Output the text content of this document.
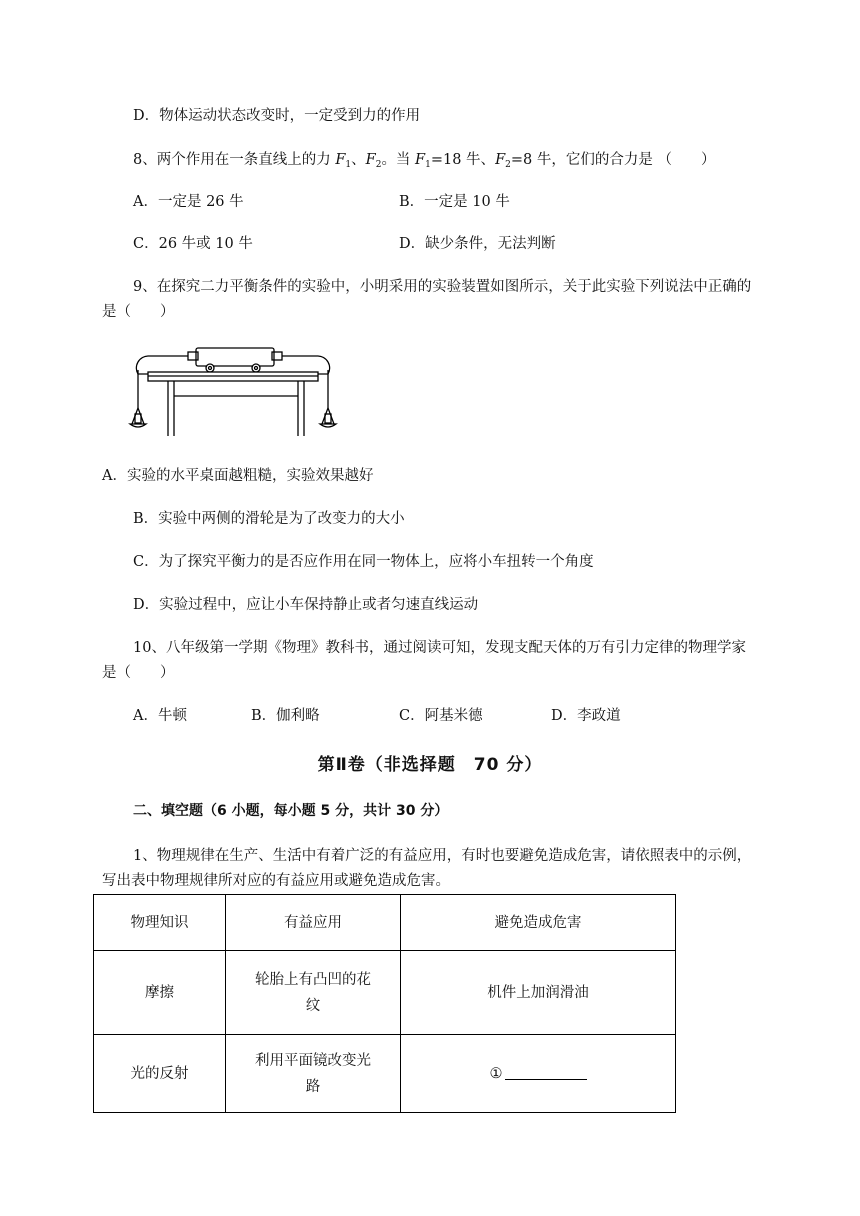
D．物体运动状态改变时，一定受到力的作用
8、两个作用在一条直线上的力 $F_1$、$F_2$。当 $F_1=18$ 牛、$F_2=8$ 牛，它们的合力是 （　　）
A．一定是 26 牛	B．一定是 10 牛
C．26 牛或 10 牛	D．缺少条件，无法判断
9、在探究二力平衡条件的实验中，小明采用的实验装置如图所示，关于此实验下列说法中正确的
是（　　）
A．实验的水平桌面越粗糙，实验效果越好
B．实验中两侧的滑轮是为了改变力的大小
C．为了探究平衡力的是否应作用在同一物体上，应将小车扭转一个角度
D．实验过程中，应让小车保持静止或者匀速直线运动
10、八年级第一学期《物理》教科书，通过阅读可知，发现支配天体的万有引力定律的物理学家
是（　　）
A．牛顿	B．伽利略	C．阿基米德	D．李政道
第Ⅱ卷（非选择题　70 分）
二、填空题（6 小题，每小题 5 分，共计 30 分）
1、物理规律在生产、生活中有着广泛的有益应用，有时也要避免造成危害，请依照表中的示例，
写出表中物理规律所对应的有益应用或避免造成危害。
物理知识	有益应用	避免造成危害
摩擦	轮胎上有凸凹的花纹	机件上加润滑油
光的反射	利用平面镜改变光路	①
